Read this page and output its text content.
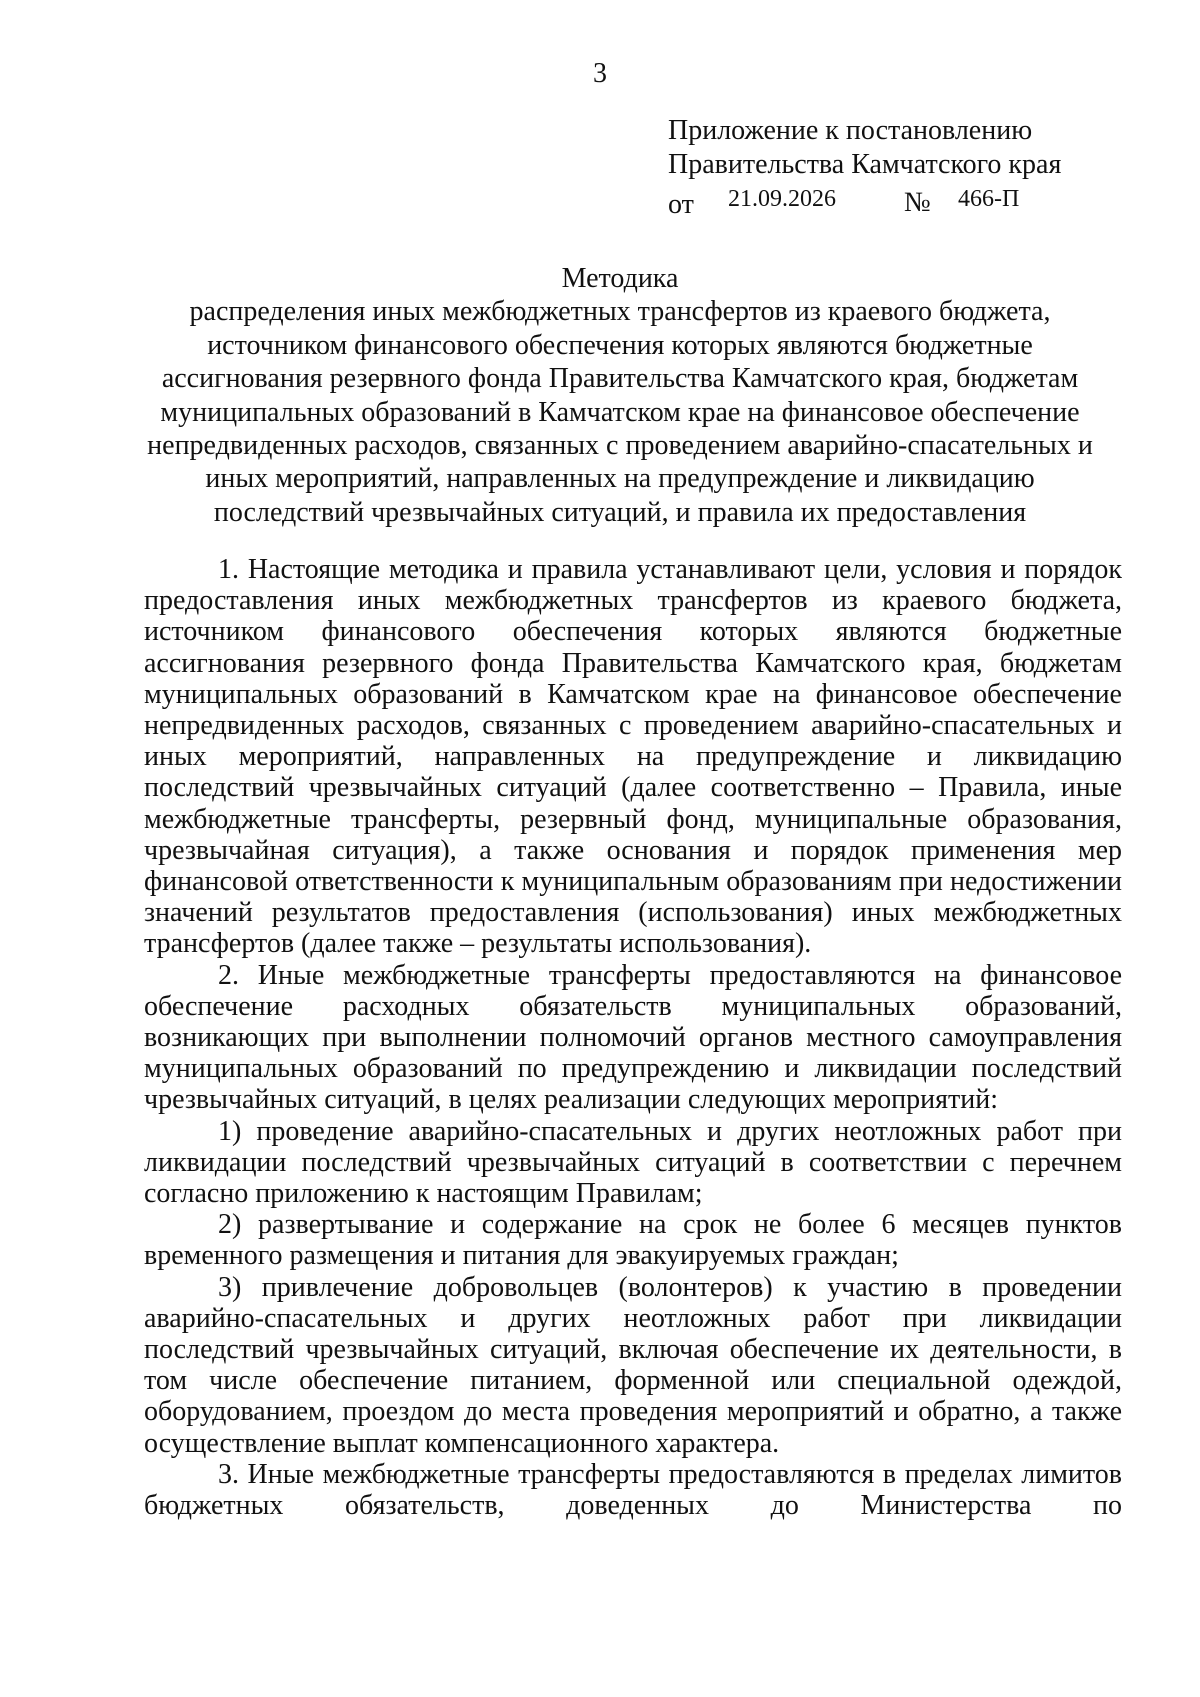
3
Приложение к постановлению
Правительства Камчатского края
от 21.09.2026 № 466-П
Методика
распределения иных межбюджетных трансфертов из краевого бюджета,
источником финансового обеспечения которых являются бюджетные
ассигнования резервного фонда Правительства Камчатского края, бюджетам
муниципальных образований в Камчатском крае на финансовое обеспечение
непредвиденных расходов, связанных с проведением аварийно-спасательных и
иных мероприятий, направленных на предупреждение и ликвидацию
последствий чрезвычайных ситуаций, и правила их предоставления

1. Настоящие методика и правила устанавливают цели, условия и порядок предоставления иных межбюджетных трансфертов из краевого бюджета, источником финансового обеспечения которых являются бюджетные ассигнования резервного фонда Правительства Камчатского края, бюджетам муниципальных образований в Камчатском крае на финансовое обеспечение непредвиденных расходов, связанных с проведением аварийно-спасательных и иных мероприятий, направленных на предупреждение и ликвидацию последствий чрезвычайных ситуаций (далее соответственно – Правила, иные межбюджетные трансферты, резервный фонд, муниципальные образования, чрезвычайная ситуация), а также основания и порядок применения мер финансовой ответственности к муниципальным образованиям при недостижении значений результатов предоставления (использования) иных межбюджетных трансфертов (далее также – результаты использования).

2. Иные межбюджетные трансферты предоставляются на финансовое обеспечение расходных обязательств муниципальных образований, возникающих при выполнении полномочий органов местного самоуправления муниципальных образований по предупреждению и ликвидации последствий чрезвычайных ситуаций, в целях реализации следующих мероприятий:

1) проведение аварийно-спасательных и других неотложных работ при ликвидации последствий чрезвычайных ситуаций в соответствии с перечнем согласно приложению к настоящим Правилам;

2) развертывание и содержание на срок не более 6 месяцев пунктов временного размещения и питания для эвакуируемых граждан;

3) привлечение добровольцев (волонтеров) к участию в проведении аварийно-спасательных и других неотложных работ при ликвидации последствий чрезвычайных ситуаций, включая обеспечение их деятельности, в том числе обеспечение питанием, форменной или специальной одеждой, оборудованием, проездом до места проведения мероприятий и обратно, а также осуществление выплат компенсационного характера.

3. Иные межбюджетные трансферты предоставляются в пределах лимитов бюджетных обязательств, доведенных до Министерства по
